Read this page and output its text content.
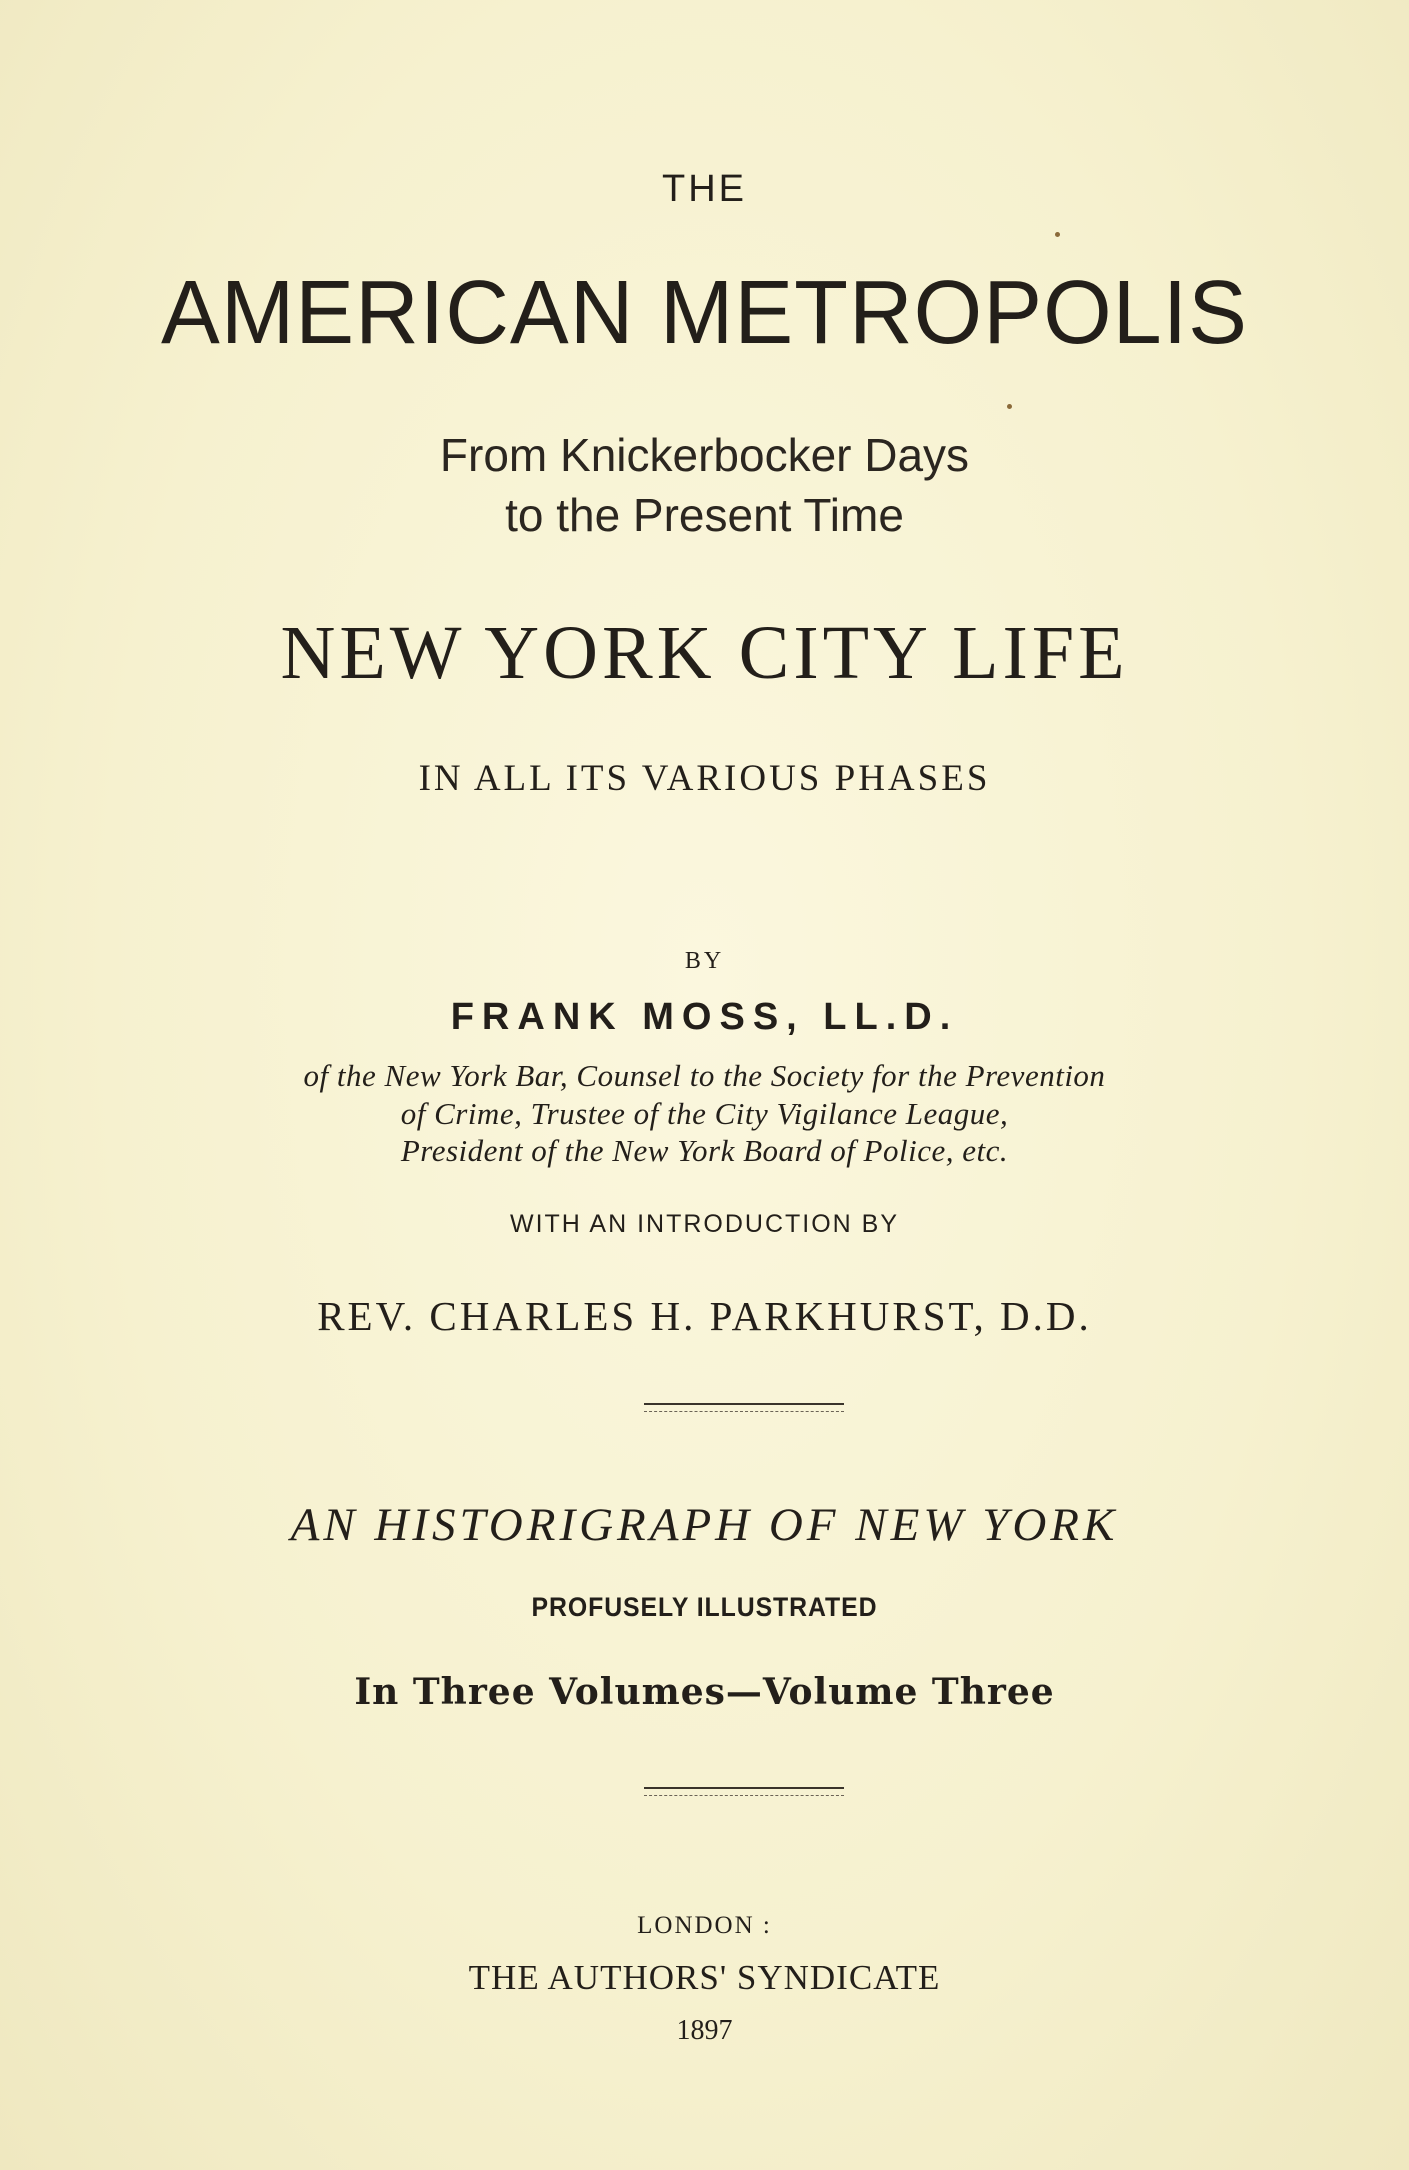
THE

AMERICAN METROPOLIS

From Knickerbocker Days

to the Present Time

NEW YORK CITY LIFE

IN ALL ITS VARIOUS PHASES

BY

FRANK MOSS, LL.D.

of the New York Bar, Counsel to the Society for the Prevention

of Crime, Trustee of the City Vigilance League,

President of the New York Board of Police, etc.

WITH AN INTRODUCTION BY

REV. CHARLES H. PARKHURST, D.D.

AN HISTORIGRAPH OF NEW YORK

PROFUSELY ILLUSTRATED

In Three Volumes—Volume Three

LONDON :

THE AUTHORS' SYNDICATE

1897
